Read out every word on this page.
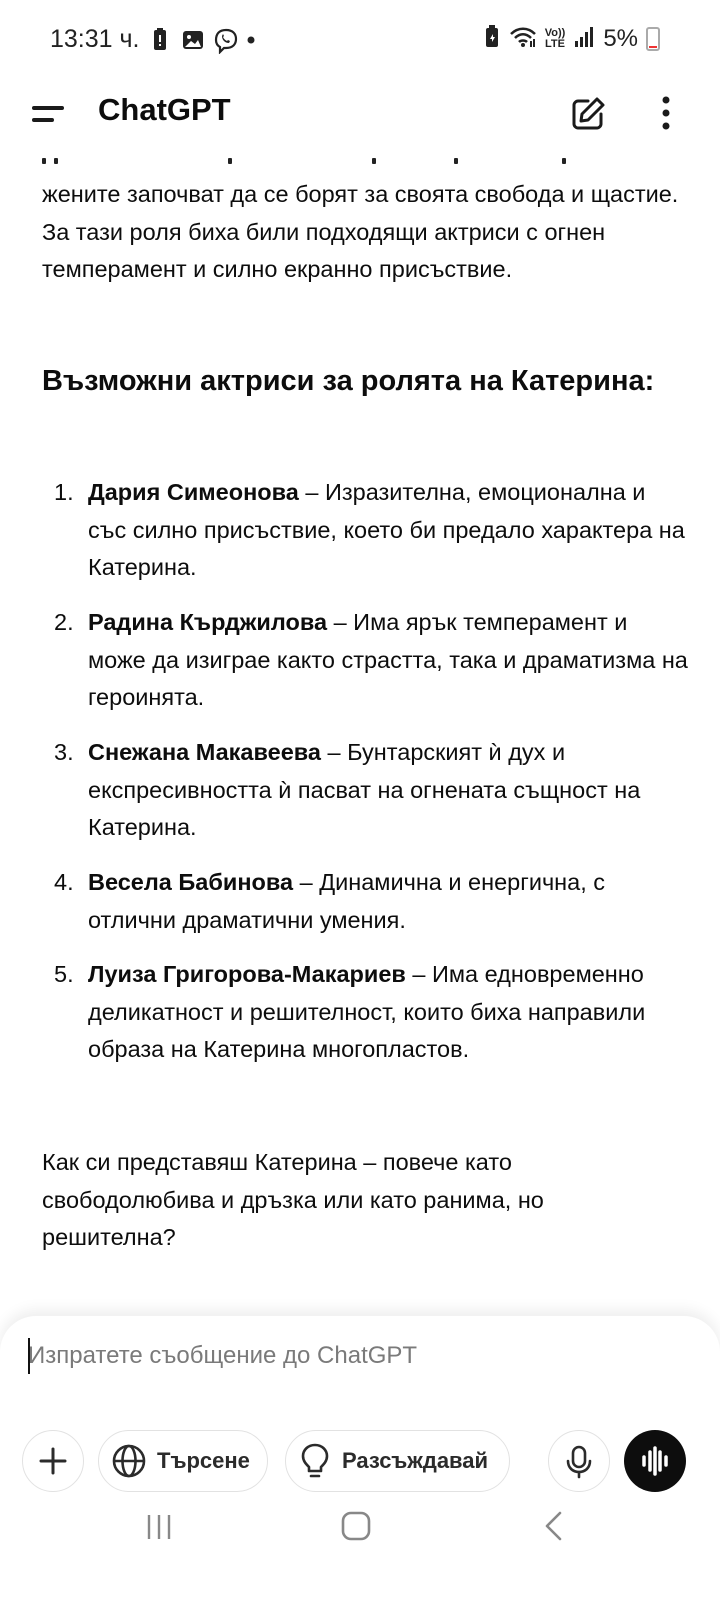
13:31 ч.	Vo))
LTE 5%
ChatGPT
жените започват да се борят за своята свобода и щастие. За тази роля биха били подходящи актриси с огнен темперамент и силно екранно присъствие.
Възможни актриси за ролята на Катерина:
1. Дария Симеонова – Изразителна, емоционална и със силно присъствие, което би предало характера на Катерина.
2. Радина Кърджилова – Има ярък темперамент и може да изиграе както страстта, така и драматизма на героинята.
3. Снежана Макавеева – Бунтарският ѝ дух и експресивността ѝ пасват на огнената същност на Катерина.
4. Весела Бабинова – Динамична и енергична, с отлични драматични умения.
5. Луиза Григорова-Макариев – Има едновременно деликатност и решителност, които биха направили образа на Катерина многопластов.
Как си представяш Катерина – повече като свободолюбива и дръзка или като ранима, но решителна?
Изпратете съобщение до ChatGPT
Търсене	Разсъждавай
